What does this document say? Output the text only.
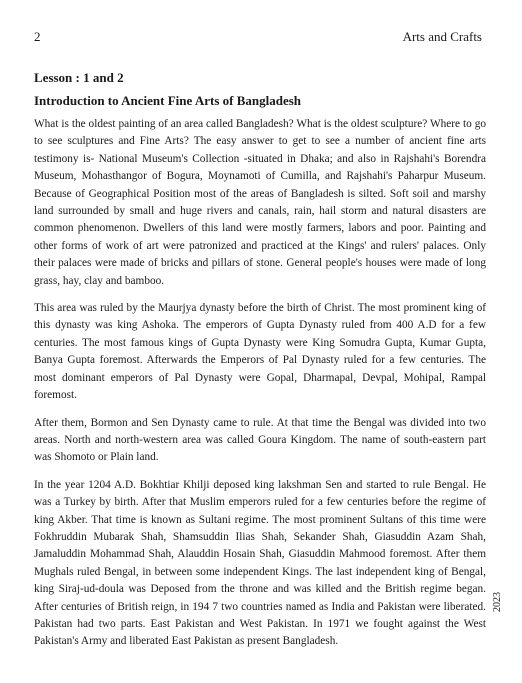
2	Arts and Crafts
Lesson : 1 and 2
Introduction to Ancient Fine Arts of Bangladesh

What is the oldest painting of an area called Bangladesh? What is the oldest sculpture? Where to go to see sculptures and Fine Arts? The easy answer to get to see a number of ancient fine arts testimony is- National Museum's Collection -situated in Dhaka; and also in Rajshahi's Borendra Museum, Mohasthangor of Bogura, Moynamoti of Cumilla, and Rajshahi's Paharpur Museum. Because of Geographical Position most of the areas of Bangladesh is silted. Soft soil and marshy land surrounded by small and huge rivers and canals, rain, hail storm and natural disasters are common phenomenon. Dwellers of this land were mostly farmers, labors and poor. Painting and other forms of work of art were patronized and practiced at the Kings' and rulers' palaces. Only their palaces were made of bricks and pillars of stone. General people's houses were made of long grass, hay, clay and bamboo.

This area was ruled by the Maurjya dynasty before the birth of Christ. The most prominent king of this dynasty was king Ashoka. The emperors of Gupta Dynasty ruled from 400 A.D for a few centuries. The most famous kings of Gupta Dynasty were King Somudra Gupta, Kumar Gupta, Banya Gupta foremost. Afterwards the Emperors of Pal Dynasty ruled for a few centuries. The most dominant emperors of Pal Dynasty were Gopal, Dharmapal, Devpal, Mohipal, Rampal foremost.

After them, Bormon and Sen Dynasty came to rule. At that time the Bengal was divided into two areas. North and north-western area was called Goura Kingdom. The name of south-eastern part was Shomoto or Plain land.

In the year 1204 A.D. Bokhtiar Khilji deposed king lakshman Sen and started to rule Bengal. He was a Turkey by birth. After that Muslim emperors ruled for a few centuries before the regime of king Akber. That time is known as Sultani regime. The most prominent Sultans of this time were Fokhruddin Mubarak Shah, Shamsuddin Ilias Shah, Sekander Shah, Giasuddin Azam Shah, Jamaluddin Mohammad Shah, Alauddin Hosain Shah, Giasuddin Mahmood foremost. After them Mughals ruled Bengal, in between some independent Kings. The last independent king of Bengal, king Siraj-ud-doula was Deposed from the throne and was killed and the British regime began. After centuries of British reign, in 194 7 two countries named as India and Pakistan were liberated. Pakistan had two parts. East Pakistan and West Pakistan. In 1971 we fought against the West Pakistan's Army and liberated East Pakistan as present Bangladesh.

2023
